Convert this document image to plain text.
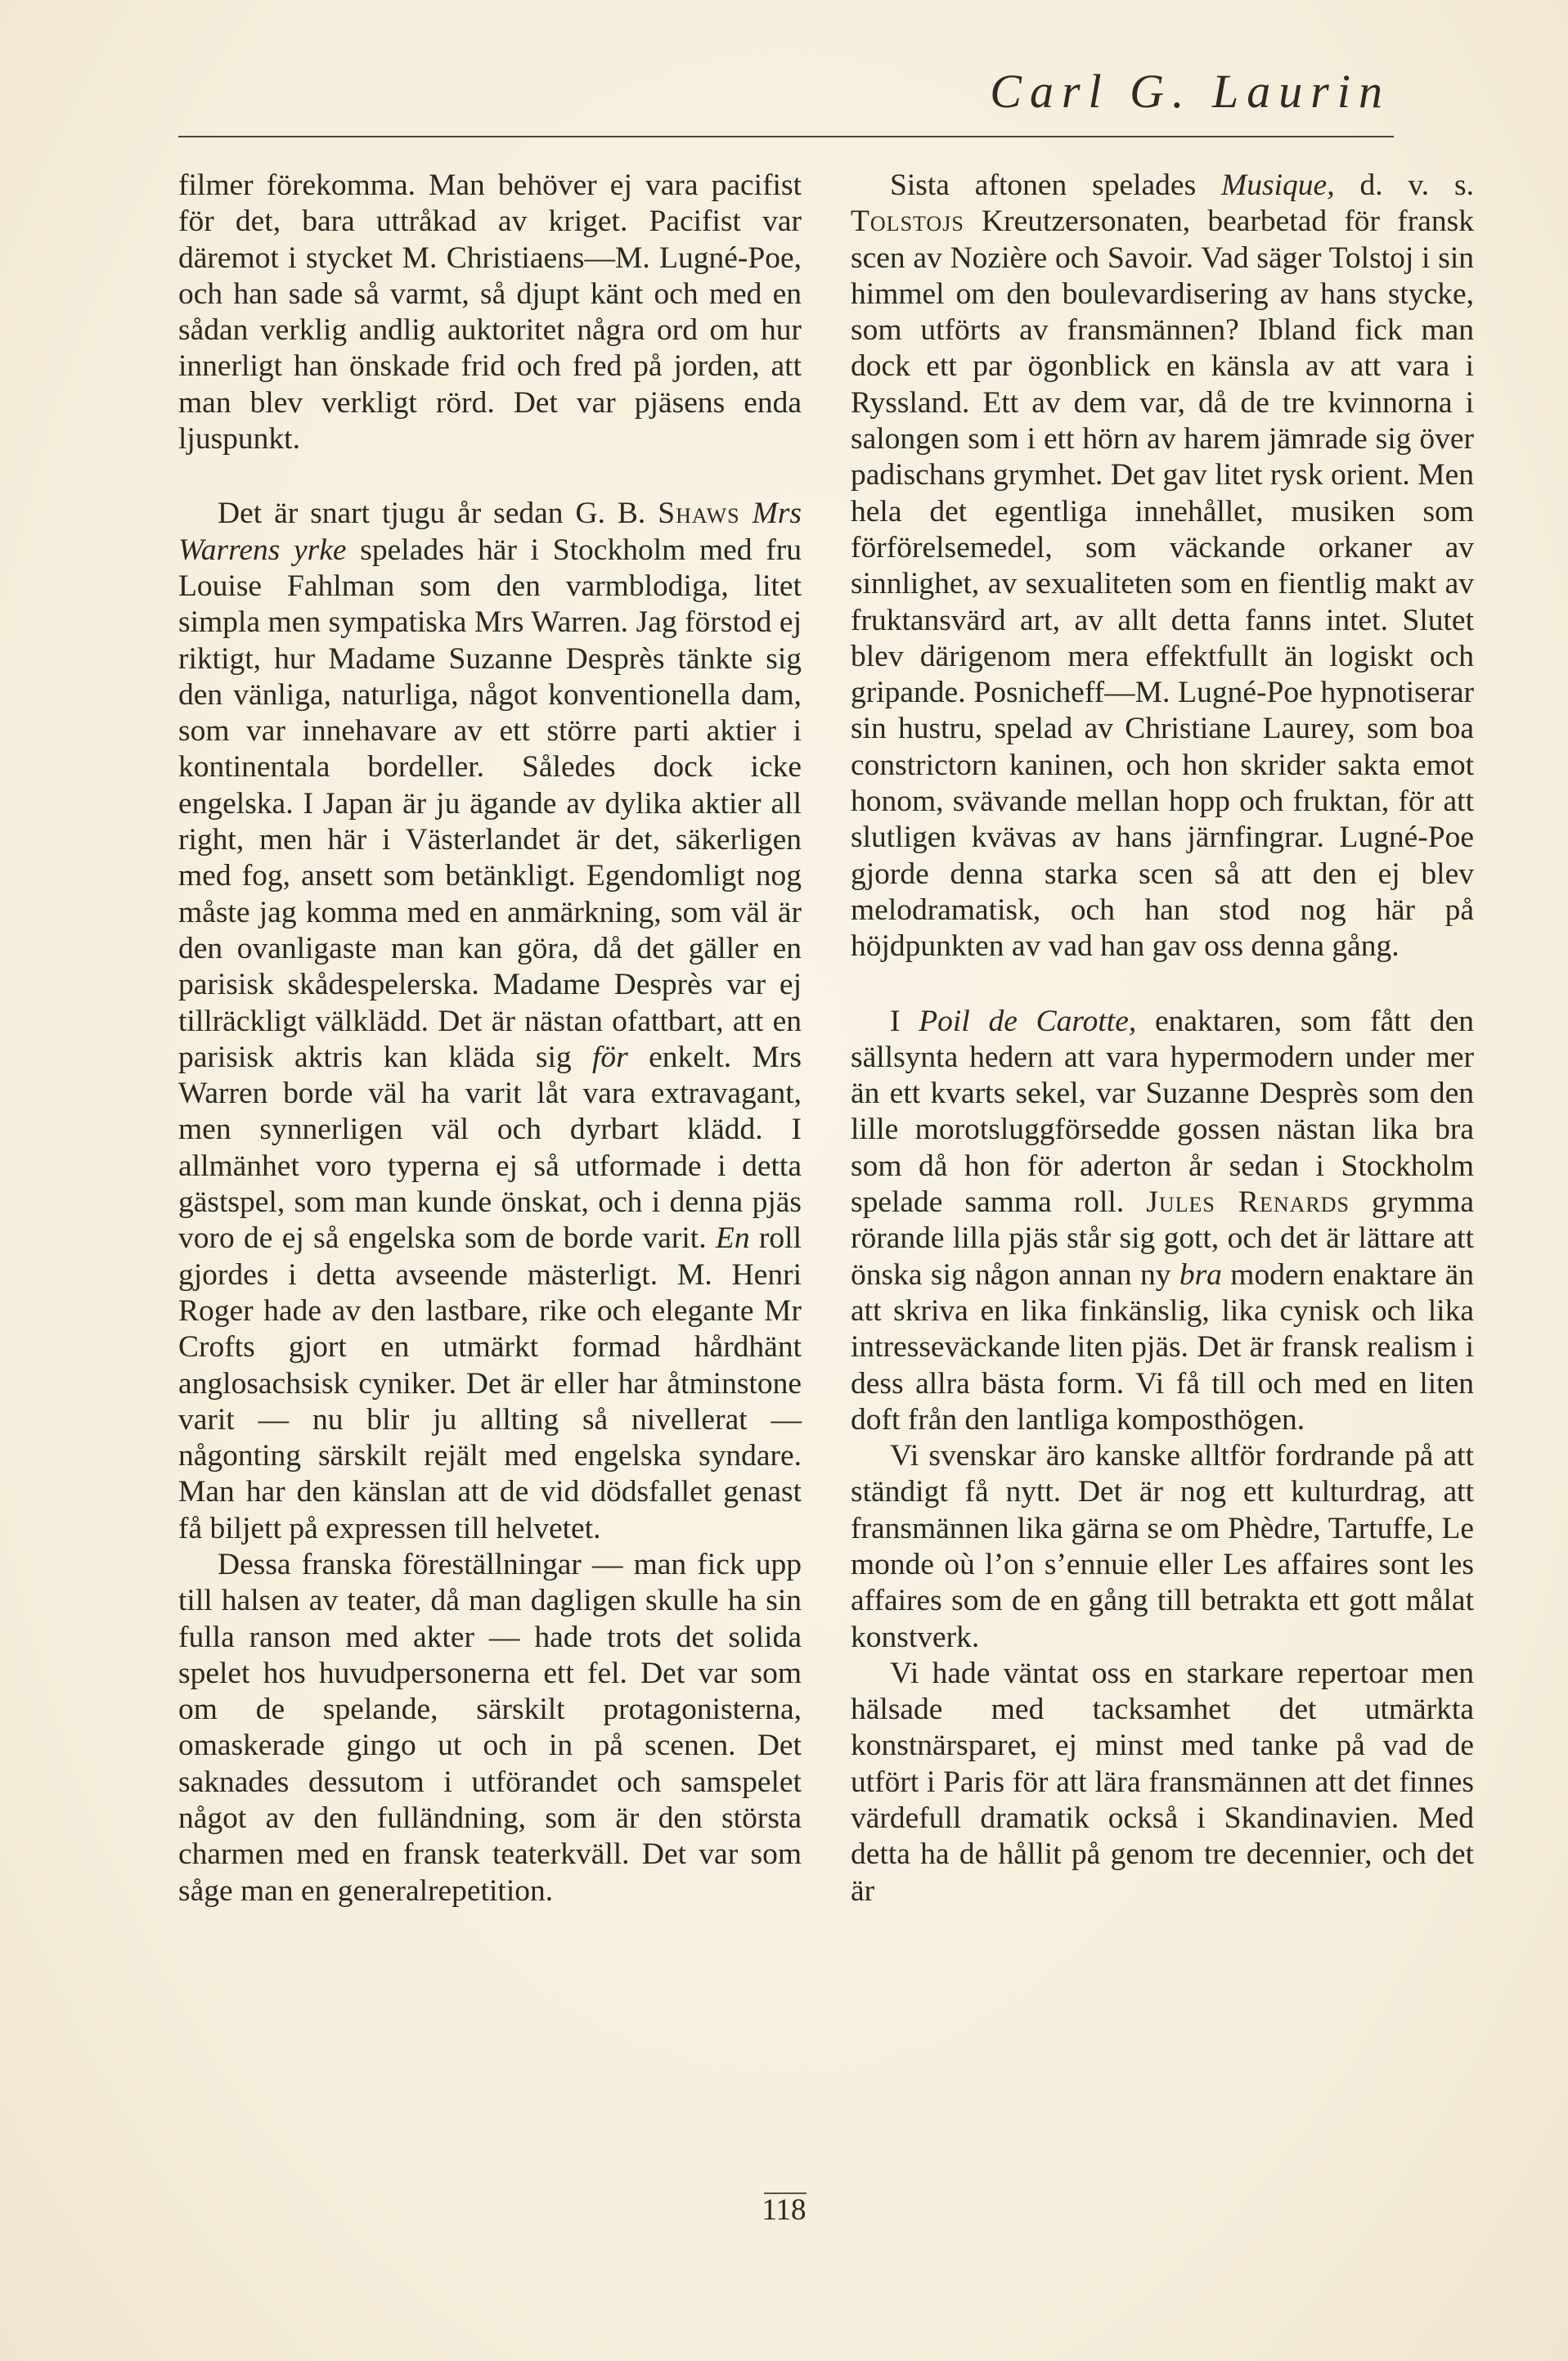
Carl G. Laurin

filmer förekomma. Man behöver ej vara pacifist för det, bara uttråkad av kriget. Pacifist var däremot i stycket M. Christiaens—M. Lugné-Poe, och han sade så varmt, så djupt känt och med en sådan verklig andlig auktoritet några ord om hur innerligt han önskade frid och fred på jorden, att man blev verkligt rörd. Det var pjäsens enda ljuspunkt.

Det är snart tjugu år sedan G. B. Shaws Mrs Warrens yrke spelades här i Stockholm med fru Louise Fahlman som den varmblodiga, litet simpla men sympatiska Mrs Warren. Jag förstod ej riktigt, hur Madame Suzanne Desprès tänkte sig den vänliga, naturliga, något konventionella dam, som var innehavare av ett större parti aktier i kontinentala bordeller. Således dock icke engelska. I Japan är ju ägande av dylika aktier all right, men här i Västerlandet är det, säkerligen med fog, ansett som betänkligt. Egendomligt nog måste jag komma med en anmärkning, som väl är den ovanligaste man kan göra, då det gäller en parisisk skådespelerska. Madame Desprès var ej tillräckligt välklädd. Det är nästan ofattbart, att en parisisk aktris kan kläda sig för enkelt. Mrs Warren borde väl ha varit låt vara extravagant, men synnerligen väl och dyrbart klädd. I allmänhet voro typerna ej så utformade i detta gästspel, som man kunde önskat, och i denna pjäs voro de ej så engelska som de borde varit. En roll gjordes i detta avseende mästerligt. M. Henri Roger hade av den lastbare, rike och elegante Mr Crofts gjort en utmärkt formad hårdhänt anglosachsisk cyniker. Det är eller har åtminstone varit — nu blir ju allting så nivellerat — någonting särskilt rejält med engelska syndare. Man har den känslan att de vid dödsfallet genast få biljett på expressen till helvetet.

Dessa franska föreställningar — man fick upp till halsen av teater, då man dagligen skulle ha sin fulla ranson med akter — hade trots det solida spelet hos huvudpersonerna ett fel. Det var som om de spelande, särskilt protagonisterna, omaskerade gingo ut och in på scenen. Det saknades dessutom i utförandet och samspelet något av den fulländning, som är den största charmen med en fransk teaterkväll. Det var som såge man en generalrepetition.

Sista aftonen spelades Musique, d. v. s. Tolstojs Kreutzersonaten, bearbetad för fransk scen av Nozière och Savoir. Vad säger Tolstoj i sin himmel om den boulevardisering av hans stycke, som utförts av fransmännen? Ibland fick man dock ett par ögonblick en känsla av att vara i Ryssland. Ett av dem var, då de tre kvinnorna i salongen som i ett hörn av harem jämrade sig över padischans grymhet. Det gav litet rysk orient. Men hela det egentliga innehållet, musiken som förförelsemedel, som väckande orkaner av sinnlighet, av sexualiteten som en fientlig makt av fruktansvärd art, av allt detta fanns intet. Slutet blev därigenom mera effektfullt än logiskt och gripande. Posnicheff—M. Lugné-Poe hypnotiserar sin hustru, spelad av Christiane Laurey, som boa constrictorn kaninen, och hon skrider sakta emot honom, svävande mellan hopp och fruktan, för att slutligen kvävas av hans järnfingrar. Lugné-Poe gjorde denna starka scen så att den ej blev melodramatisk, och han stod nog här på höjdpunkten av vad han gav oss denna gång.

I Poil de Carotte, enaktaren, som fått den sällsynta hedern att vara hypermodern under mer än ett kvarts sekel, var Suzanne Desprès som den lille morotsluggförsedde gossen nästan lika bra som då hon för aderton år sedan i Stockholm spelade samma roll. Jules Renards grymma rörande lilla pjäs står sig gott, och det är lättare att önska sig någon annan ny bra modern enaktare än att skriva en lika finkänslig, lika cynisk och lika intresseväckande liten pjäs. Det är fransk realism i dess allra bästa form. Vi få till och med en liten doft från den lantliga komposthögen.

Vi svenskar äro kanske alltför fordrande på att ständigt få nytt. Det är nog ett kulturdrag, att fransmännen lika gärna se om Phèdre, Tartuffe, Le monde où l’on s’ennuie eller Les affaires sont les affaires som de en gång till betrakta ett gott målat konstverk.

Vi hade väntat oss en starkare repertoar men hälsade med tacksamhet det utmärkta konstnärsparet, ej minst med tanke på vad de utfört i Paris för att lära fransmännen att det finnes värdefull dramatik också i Skandinavien. Med detta ha de hållit på genom tre decennier, och det är

118
